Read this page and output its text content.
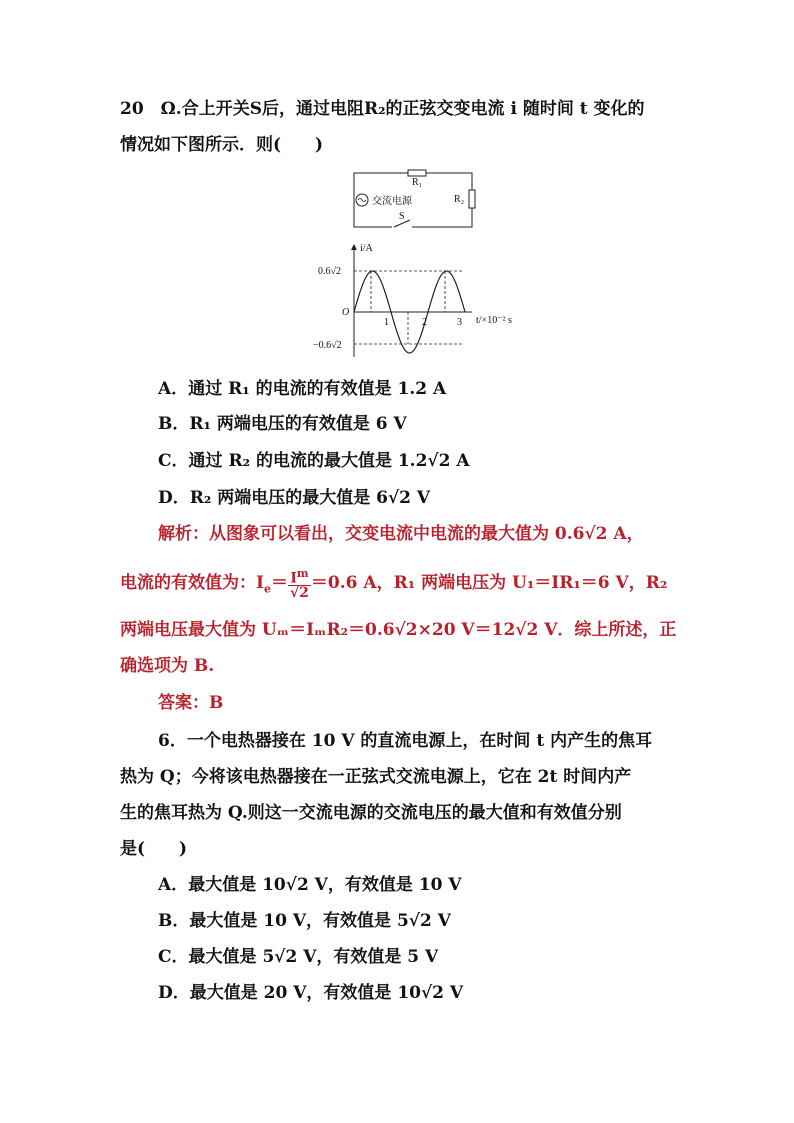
20　Ω.合上开关S后，通过电阻R₂的正弦交变电流 i 随时间 t 变化的
情况如下图所示．则(　　)
R₁
R₂
交流电源
S
i/A
t/×10⁻² s
O
0.6√2
−0.6√2
1	2	3
A．通过 R₁ 的电流的有效值是 1.2 A
B．R₁ 两端电压的有效值是 6 V
C．通过 R₂ 的电流的最大值是 1.2√2 A
D．R₂ 两端电压的最大值是 6√2 V
解析：从图象可以看出，交变电流中电流的最大值为 0.6√2 A，
电流的有效值为：$I_e= \frac{I^m}{√2} =0.6$ A，R₁ 两端电压为 U₁＝IR₁＝6 V，R₂
两端电压最大值为 Uₘ＝IₘR₂＝0.6√2×20 V＝12√2 V．综上所述，正
确选项为 B.
答案：B
6．一个电热器接在 10 V 的直流电源上，在时间 t 内产生的焦耳
热为 Q；今将该电热器接在一正弦式交流电源上，它在 2t 时间内产
生的焦耳热为 Q.则这一交流电源的交流电压的最大值和有效值分别
是(　　)
A．最大值是 10√2 V，有效值是 10 V
B．最大值是 10 V，有效值是 5√2 V
C．最大值是 5√2 V，有效值是 5 V
D．最大值是 20 V，有效值是 10√2 V
